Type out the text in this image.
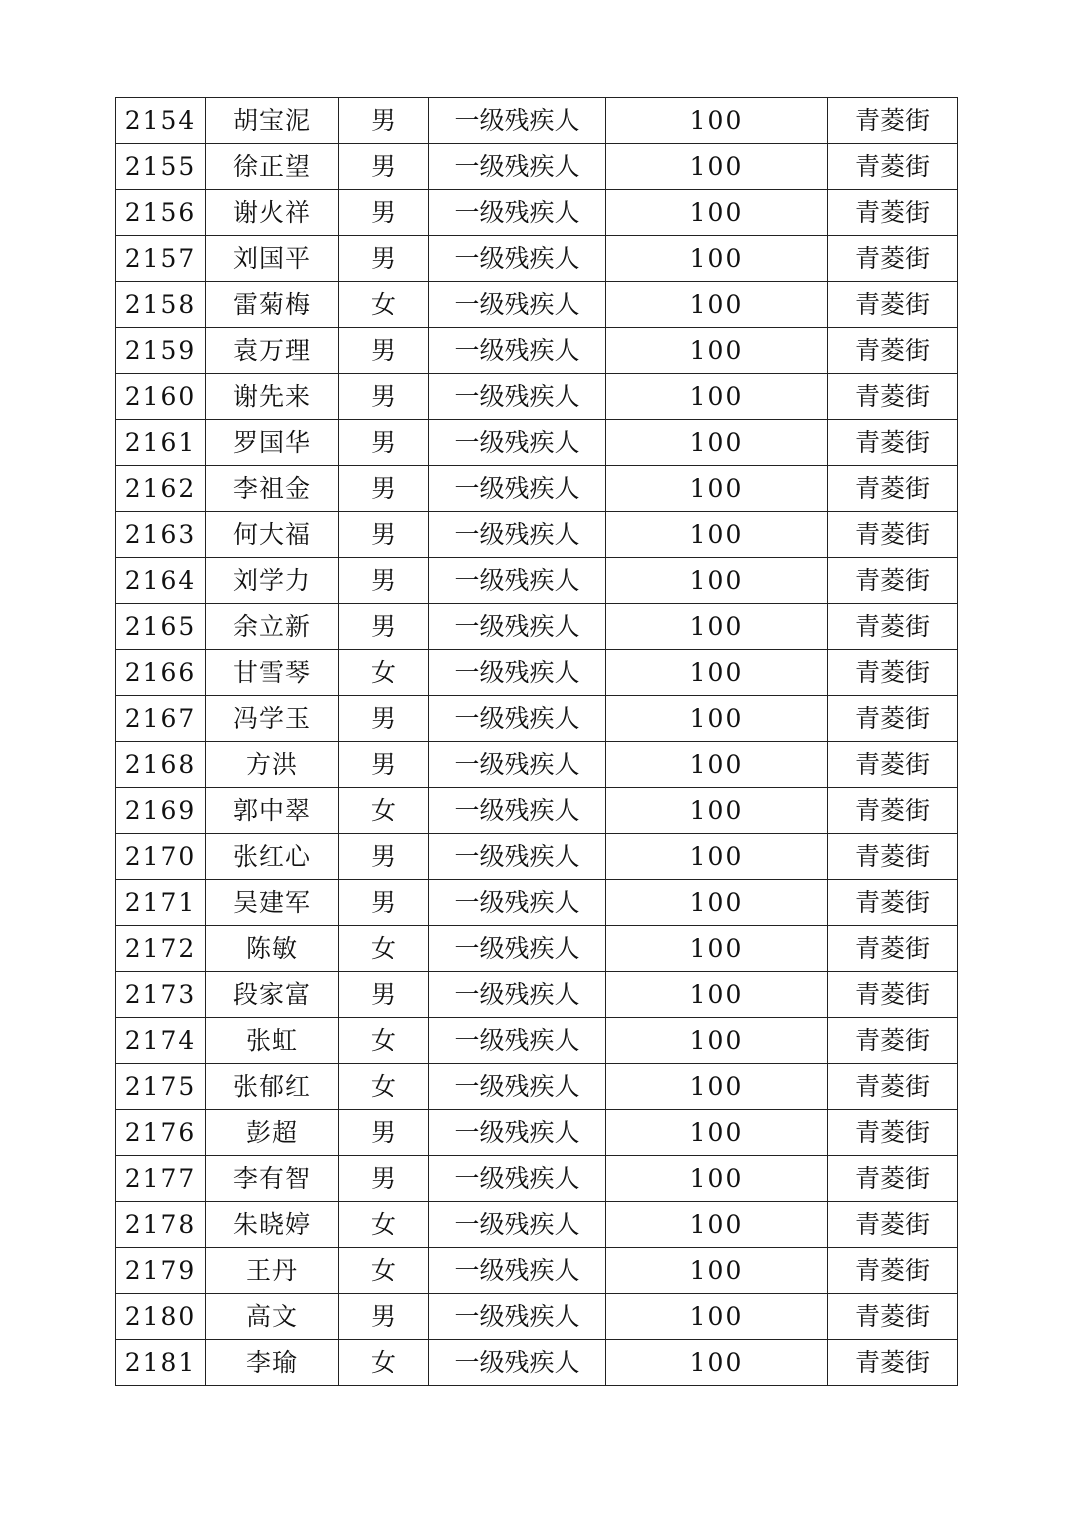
2154	胡宝泥	男	一级残疾人	100	青菱街
2155	徐正望	男	一级残疾人	100	青菱街
2156	谢火祥	男	一级残疾人	100	青菱街
2157	刘国平	男	一级残疾人	100	青菱街
2158	雷菊梅	女	一级残疾人	100	青菱街
2159	袁万理	男	一级残疾人	100	青菱街
2160	谢先来	男	一级残疾人	100	青菱街
2161	罗国华	男	一级残疾人	100	青菱街
2162	李祖金	男	一级残疾人	100	青菱街
2163	何大福	男	一级残疾人	100	青菱街
2164	刘学力	男	一级残疾人	100	青菱街
2165	余立新	男	一级残疾人	100	青菱街
2166	甘雪琴	女	一级残疾人	100	青菱街
2167	冯学玉	男	一级残疾人	100	青菱街
2168	方洪	男	一级残疾人	100	青菱街
2169	郭中翠	女	一级残疾人	100	青菱街
2170	张红心	男	一级残疾人	100	青菱街
2171	吴建军	男	一级残疾人	100	青菱街
2172	陈敏	女	一级残疾人	100	青菱街
2173	段家富	男	一级残疾人	100	青菱街
2174	张虹	女	一级残疾人	100	青菱街
2175	张郁红	女	一级残疾人	100	青菱街
2176	彭超	男	一级残疾人	100	青菱街
2177	李有智	男	一级残疾人	100	青菱街
2178	朱晓婷	女	一级残疾人	100	青菱街
2179	王丹	女	一级残疾人	100	青菱街
2180	高文	男	一级残疾人	100	青菱街
2181	李瑜	女	一级残疾人	100	青菱街
